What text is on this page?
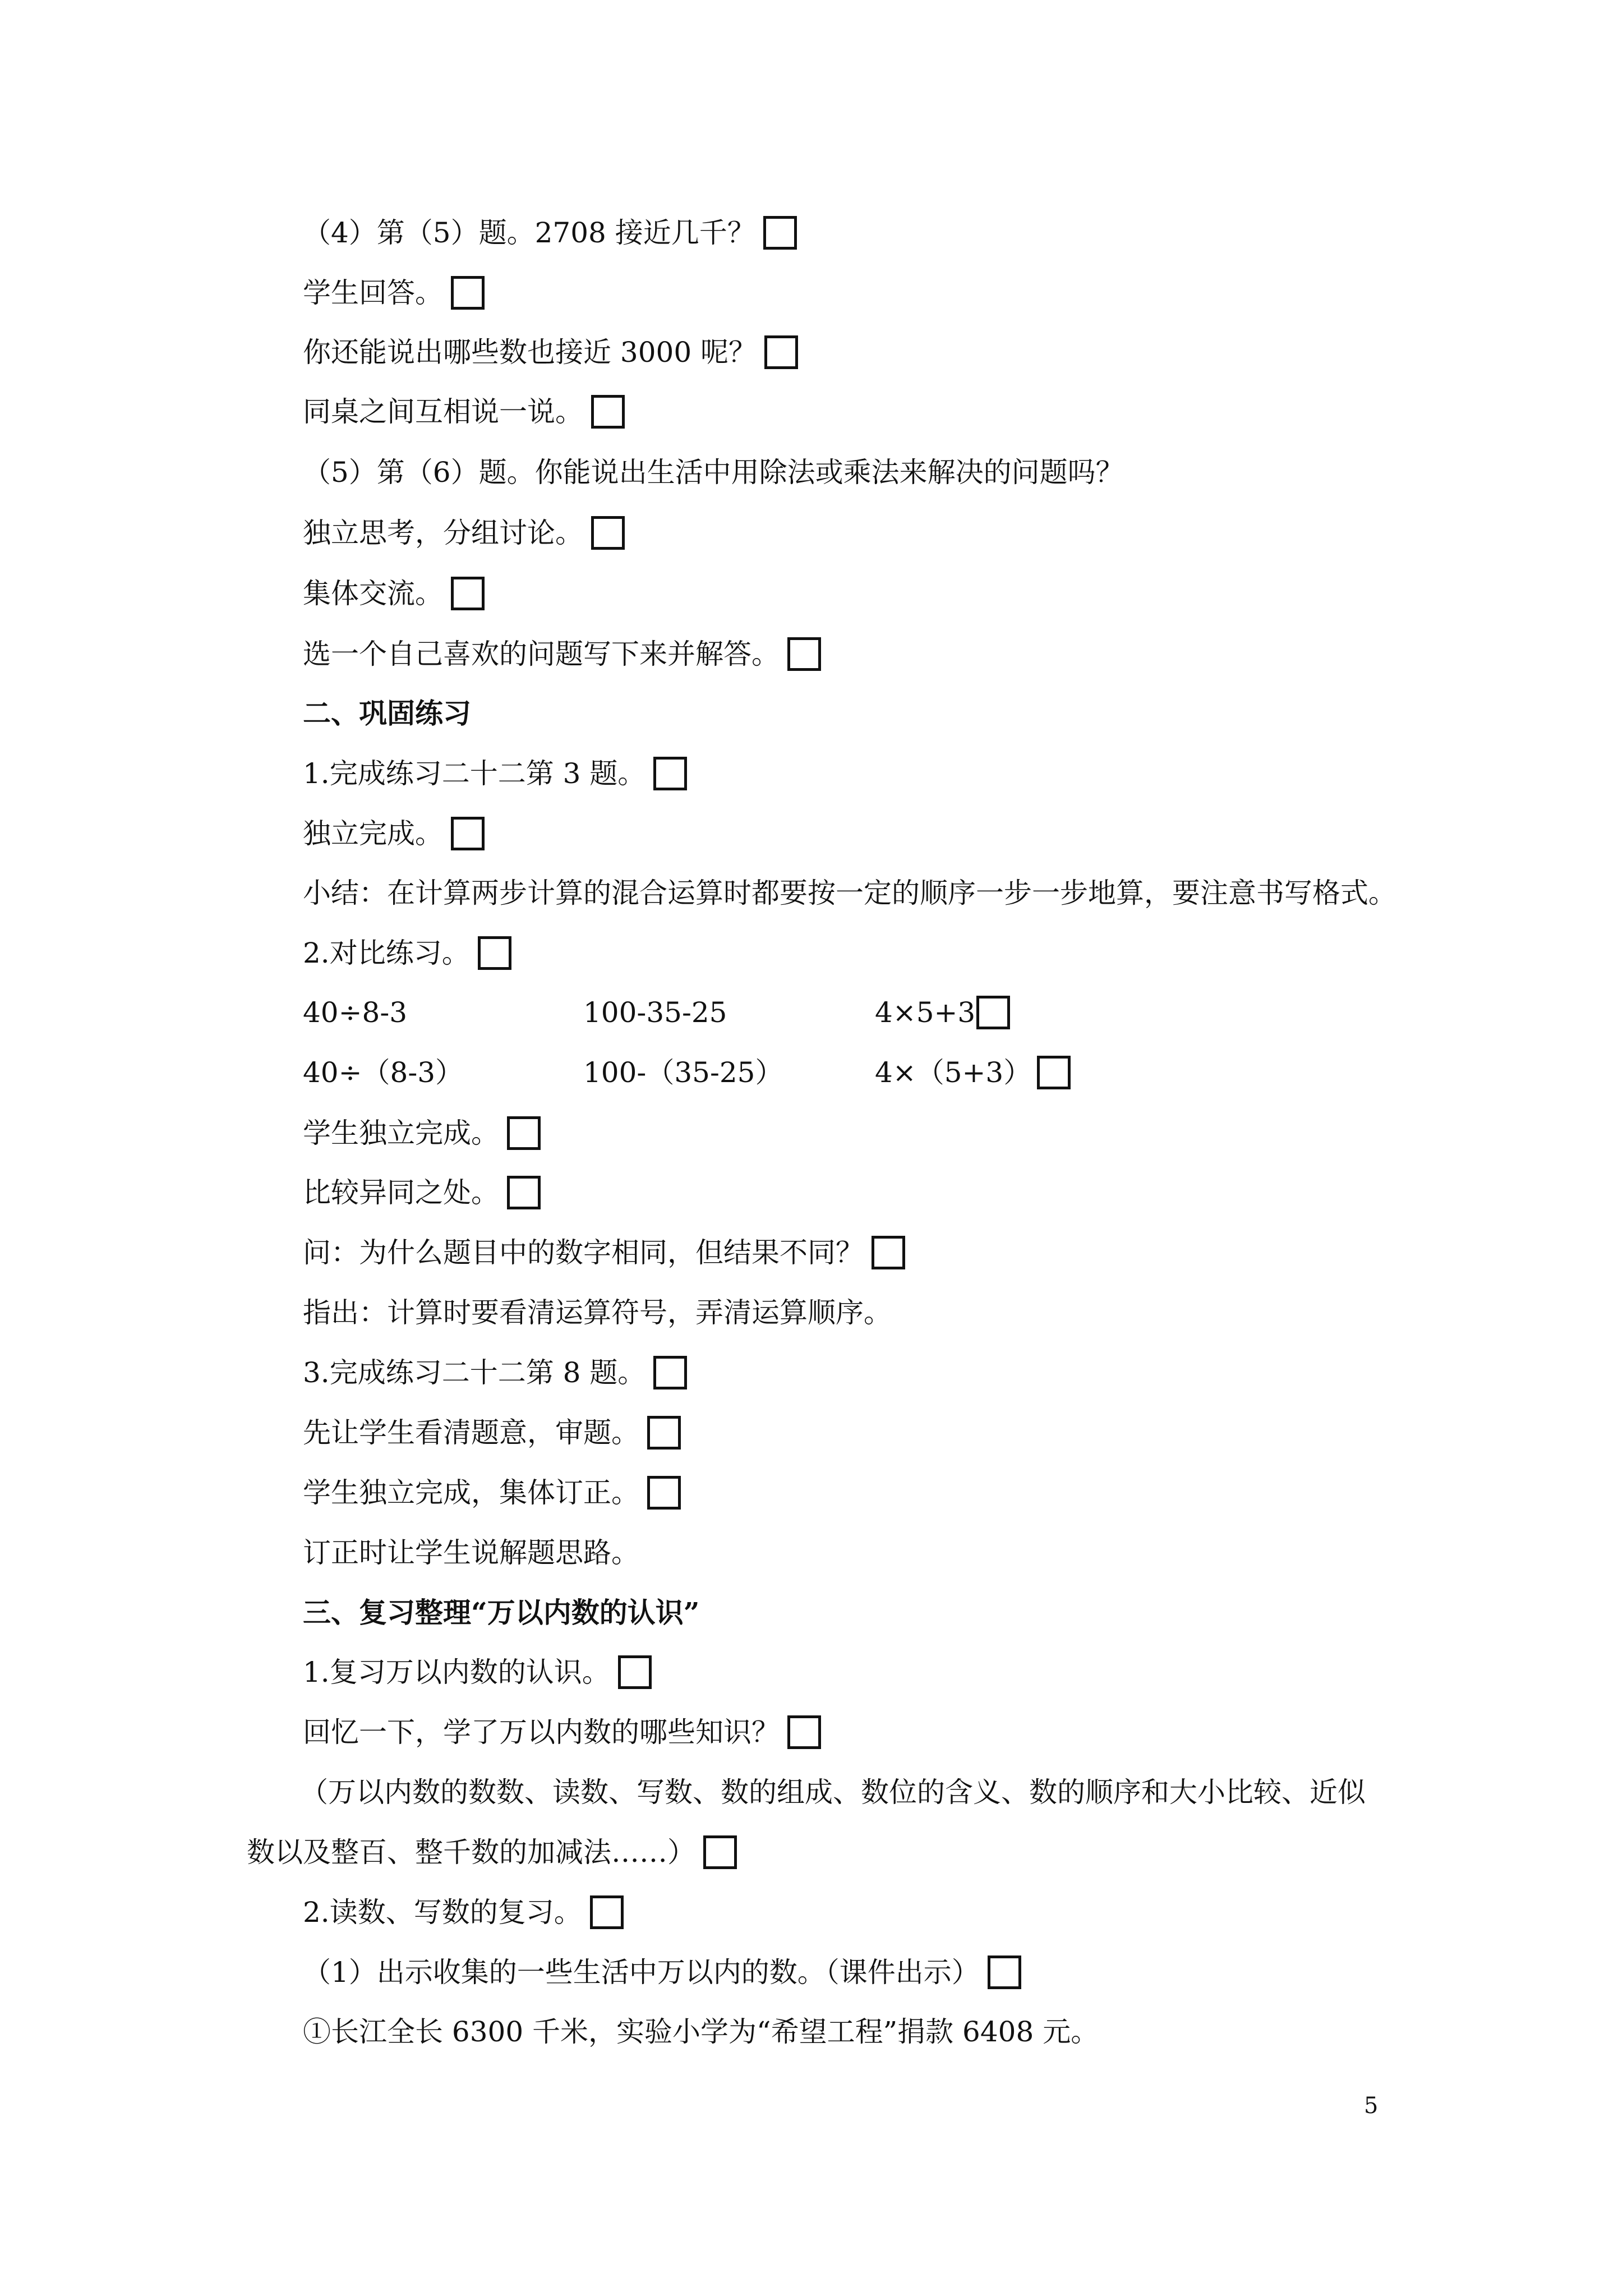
（4）第（5）题。2708 接近几千？
学生回答。
你还能说出哪些数也接近 3000 呢？
同桌之间互相说一说。
（5）第（6）题。你能说出生活中用除法或乘法来解决的问题吗？
独立思考，分组讨论。
集体交流。
选一个自己喜欢的问题写下来并解答。
二、巩固练习
1.完成练习二十二第 3 题。
独立完成。
小结：在计算两步计算的混合运算时都要按一定的顺序一步一步地算，要注意书写格式。
2.对比练习。
40÷8-3	100-35-25	4×5+3
40÷（8-3）	100-（35-25）	4×（5+3）
学生独立完成。
比较异同之处。
问：为什么题目中的数字相同，但结果不同？
指出：计算时要看清运算符号，弄清运算顺序。
3.完成练习二十二第 8 题。
先让学生看清题意，审题。
学生独立完成，集体订正。
订正时让学生说解题思路。
三、复习整理“万以内数的认识”
1.复习万以内数的认识。
回忆一下，学了万以内数的哪些知识？
（万以内数的数数、读数、写数、数的组成、数位的含义、数的顺序和大小比较、近似
数以及整百、整千数的加减法……）
2.读数、写数的复习。
（1）出示收集的一些生活中万以内的数。（课件出示）
①长江全长 6300 千米，实验小学为“希望工程”捐款 6408 元。
5
